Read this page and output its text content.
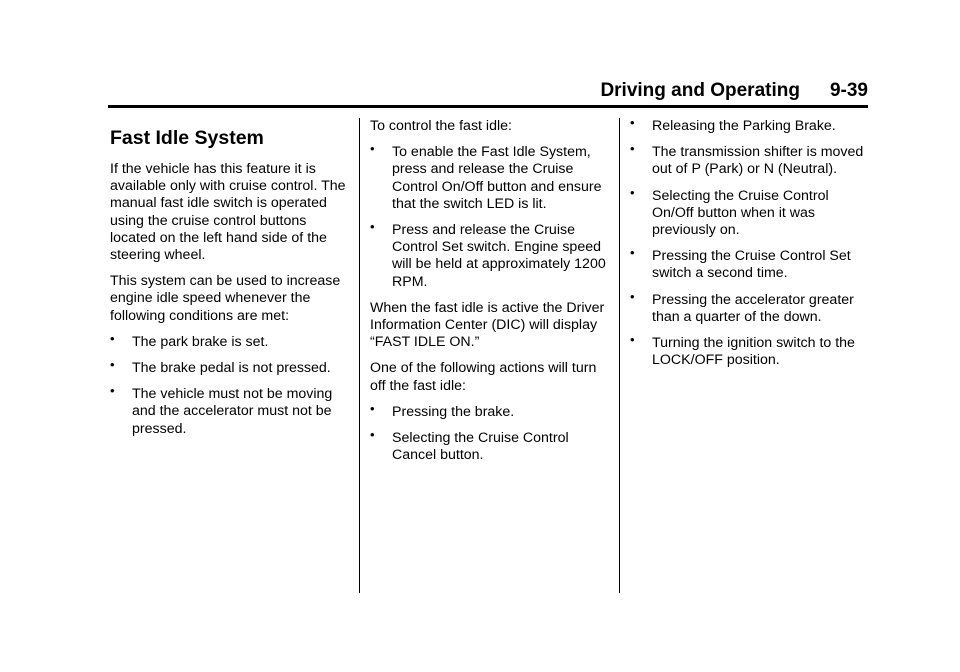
Driving and Operating 9-39
Fast Idle System

If the vehicle has this feature it is available only with cruise control. The manual fast idle switch is operated using the cruise control buttons located on the left hand side of the steering wheel.

This system can be used to increase engine idle speed whenever the following conditions are met:

• The park brake is set.
• The brake pedal is not pressed.
• The vehicle must not be moving and the accelerator must not be pressed.

To control the fast idle:

• To enable the Fast Idle System, press and release the Cruise Control On/Off button and ensure that the switch LED is lit.
• Press and release the Cruise Control Set switch. Engine speed will be held at approximately 1200 RPM.

When the fast idle is active the Driver Information Center (DIC) will display “FAST IDLE ON.”

One of the following actions will turn off the fast idle:

• Pressing the brake.
• Selecting the Cruise Control Cancel button.
• Releasing the Parking Brake.
• The transmission shifter is moved out of P (Park) or N (Neutral).
• Selecting the Cruise Control On/Off button when it was previously on.
• Pressing the Cruise Control Set switch a second time.
• Pressing the accelerator greater than a quarter of the down.
• Turning the ignition switch to the LOCK/OFF position.
